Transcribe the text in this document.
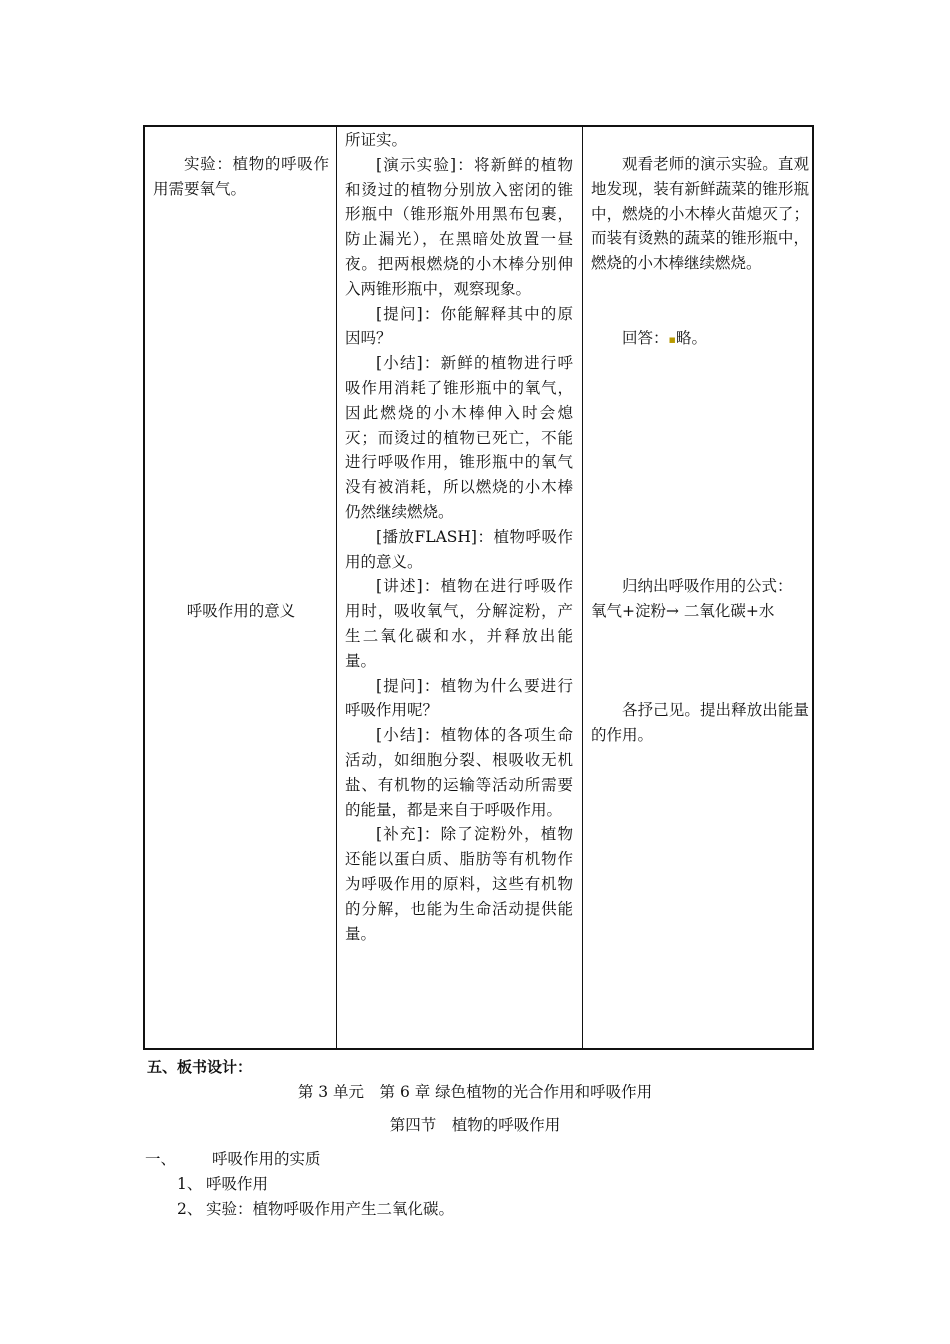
实验：植物的呼吸作用需要氧气。

呼吸作用的意义

所证实。

[演示实验]：将新鲜的植物和烫过的植物分别放入密闭的锥形瓶中（锥形瓶外用黑布包裹，防止漏光），在黑暗处放置一昼夜。把两根燃烧的小木棒分别伸入两锥形瓶中，观察现象。

[提问]：你能解释其中的原因吗？

[小结]：新鲜的植物进行呼吸作用消耗了锥形瓶中的氧气，因此燃烧的小木棒伸入时会熄灭；而烫过的植物已死亡，不能进行呼吸作用，锥形瓶中的氧气没有被消耗，所以燃烧的小木棒仍然继续燃烧。

[播放FLASH]：植物呼吸作用的意义。

[讲述]：植物在进行呼吸作用时，吸收氧气，分解淀粉，产生二氧化碳和水，并释放出能量。

[提问]：植物为什么要进行呼吸作用呢？

[小结]：植物体的各项生命活动，如细胞分裂、根吸收无机盐、有机物的运输等活动所需要的能量，都是来自于呼吸作用。

[补充]：除了淀粉外，植物还能以蛋白质、脂肪等有机物作为呼吸作用的原料，这些有机物的分解，也能为生命活动提供能量。

观看老师的演示实验。直观地发现，装有新鲜蔬菜的锥形瓶中，燃烧的小木棒火苗熄灭了；而装有烫熟的蔬菜的锥形瓶中，燃烧的小木棒继续燃烧。

回答：▪略。

归纳出呼吸作用的公式：

氧气+淀粉→ 二氧化碳+水

各抒己见。提出释放出能量的作用。

五、板书设计：
第 3 单元　第 6 章 绿色植物的光合作用和呼吸作用
第四节　植物的呼吸作用
一、 呼吸作用的实质
1、 呼吸作用
2、 实验：植物呼吸作用产生二氧化碳。
